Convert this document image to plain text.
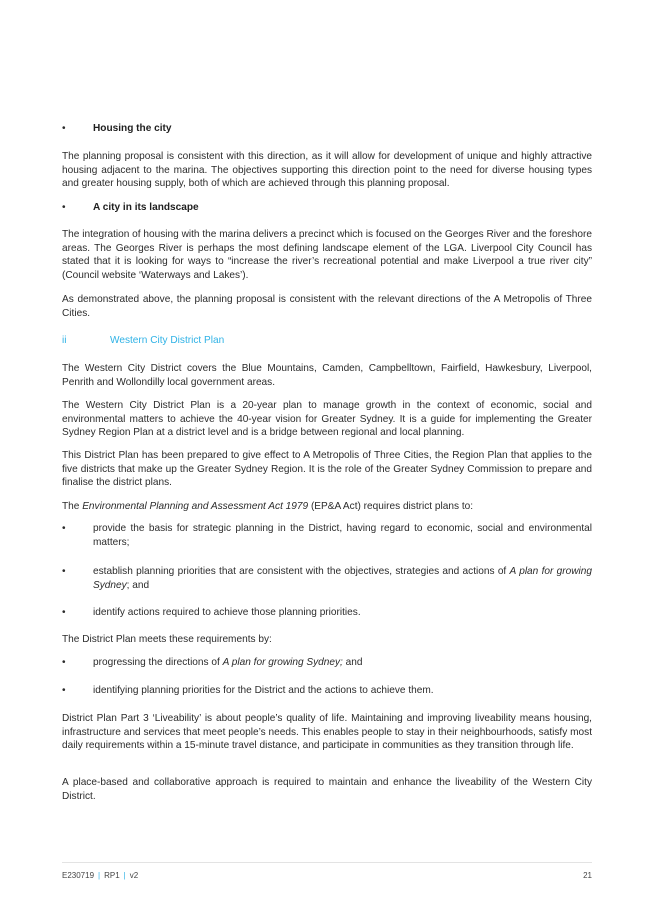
•	Housing the city

The planning proposal is consistent with this direction, as it will allow for development of unique and highly attractive housing adjacent to the marina. The objectives supporting this direction point to the need for diverse housing types and greater housing supply, both of which are achieved through this planning proposal.

•	A city in its landscape

The integration of housing with the marina delivers a precinct which is focused on the Georges River and the foreshore areas. The Georges River is perhaps the most defining landscape element of the LGA. Liverpool City Council has stated that it is looking for ways to “increase the river’s recreational potential and make Liverpool a true river city” (Council website ‘Waterways and Lakes’).

As demonstrated above, the planning proposal is consistent with the relevant directions of the A Metropolis of Three Cities.

ii	Western City District Plan

The Western City District covers the Blue Mountains, Camden, Campbelltown, Fairfield, Hawkesbury, Liverpool, Penrith and Wollondilly local government areas.

The Western City District Plan is a 20-year plan to manage growth in the context of economic, social and environmental matters to achieve the 40-year vision for Greater Sydney. It is a guide for implementing the Greater Sydney Region Plan at a district level and is a bridge between regional and local planning.

This District Plan has been prepared to give effect to A Metropolis of Three Cities, the Region Plan that applies to the five districts that make up the Greater Sydney Region. It is the role of the Greater Sydney Commission to prepare and finalise the district plans.

The Environmental Planning and Assessment Act 1979 (EP&A Act) requires district plans to:

•	provide the basis for strategic planning in the District, having regard to economic, social and environmental matters;
•	establish planning priorities that are consistent with the objectives, strategies and actions of A plan for growing Sydney; and
•	identify actions required to achieve those planning priorities.

The District Plan meets these requirements by:

•	progressing the directions of A plan for growing Sydney; and
•	identifying planning priorities for the District and the actions to achieve them.

District Plan Part 3 ‘Liveability’ is about people’s quality of life. Maintaining and improving liveability means housing, infrastructure and services that meet people’s needs. This enables people to stay in their neighbourhoods, satisfy most daily requirements within a 15-minute travel distance, and participate in communities as they transition through life.

A place-based and collaborative approach is required to maintain and enhance the liveability of the Western City District.

E230719 | RP1 | v2	21
